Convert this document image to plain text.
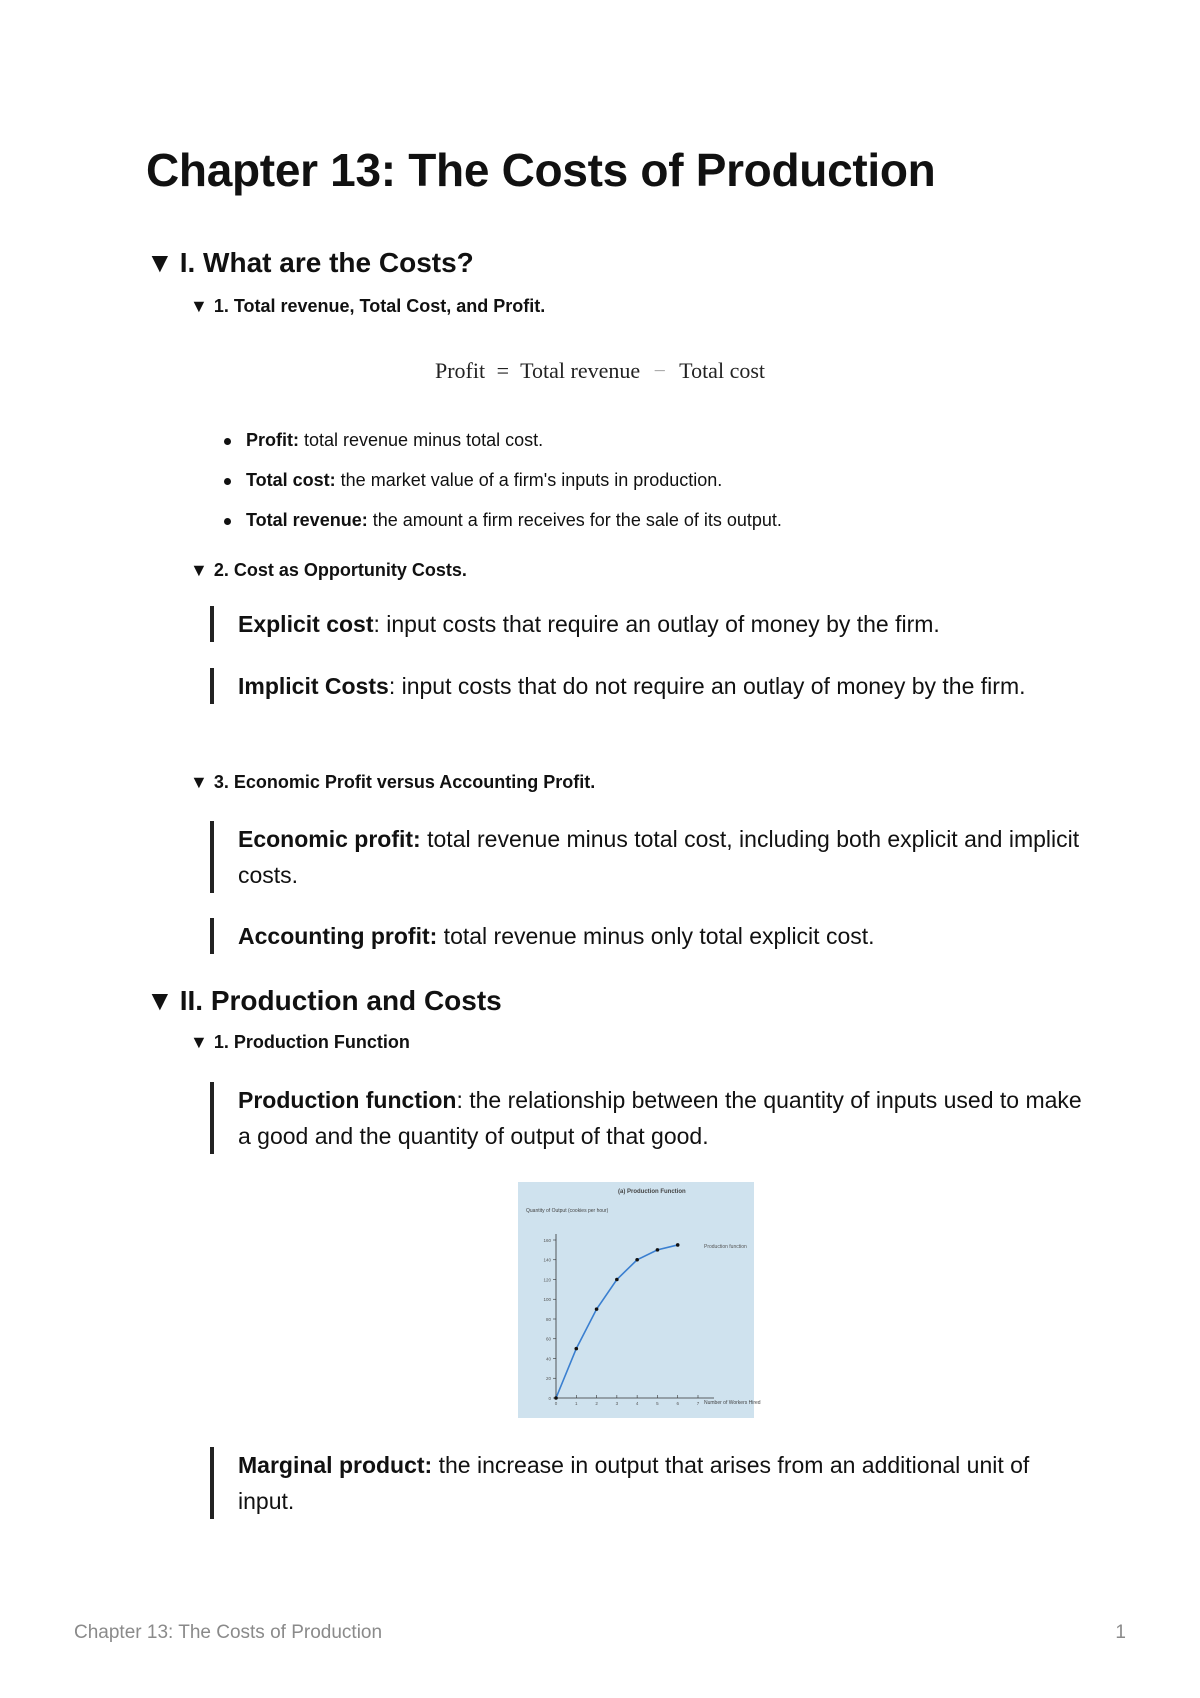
Chapter 13: The Costs of Production
▼ I. What are the Costs?
▼ 1. Total revenue, Total Cost, and Profit.
Profit = Total revenue − Total cost
Profit: total revenue minus total cost.
Total cost: the market value of a firm's inputs in production.
Total revenue: the amount a firm receives for the sale of its output.
▼ 2. Cost as Opportunity Costs.
Explicit cost: input costs that require an outlay of money by the firm.
Implicit Costs: input costs that do not require an outlay of money by the firm.
▼ 3. Economic Profit versus Accounting Profit.
Economic profit: total revenue minus total cost, including both explicit and implicit costs.
Accounting profit: total revenue minus only total explicit cost.
▼ II. Production and Costs
▼ 1. Production Function
Production function: the relationship between the quantity of inputs used to make a good and the quantity of output of that good.
(a) Production Function
Quantity of Output (cookies per hour)
Number of Workers Hired
0
20
40
60
80
100
120
140
160
0	1	2	3	4	5	6	7
Production function
Marginal product: the increase in output that arises from an additional unit of input.
Chapter 13: The Costs of Production	1
